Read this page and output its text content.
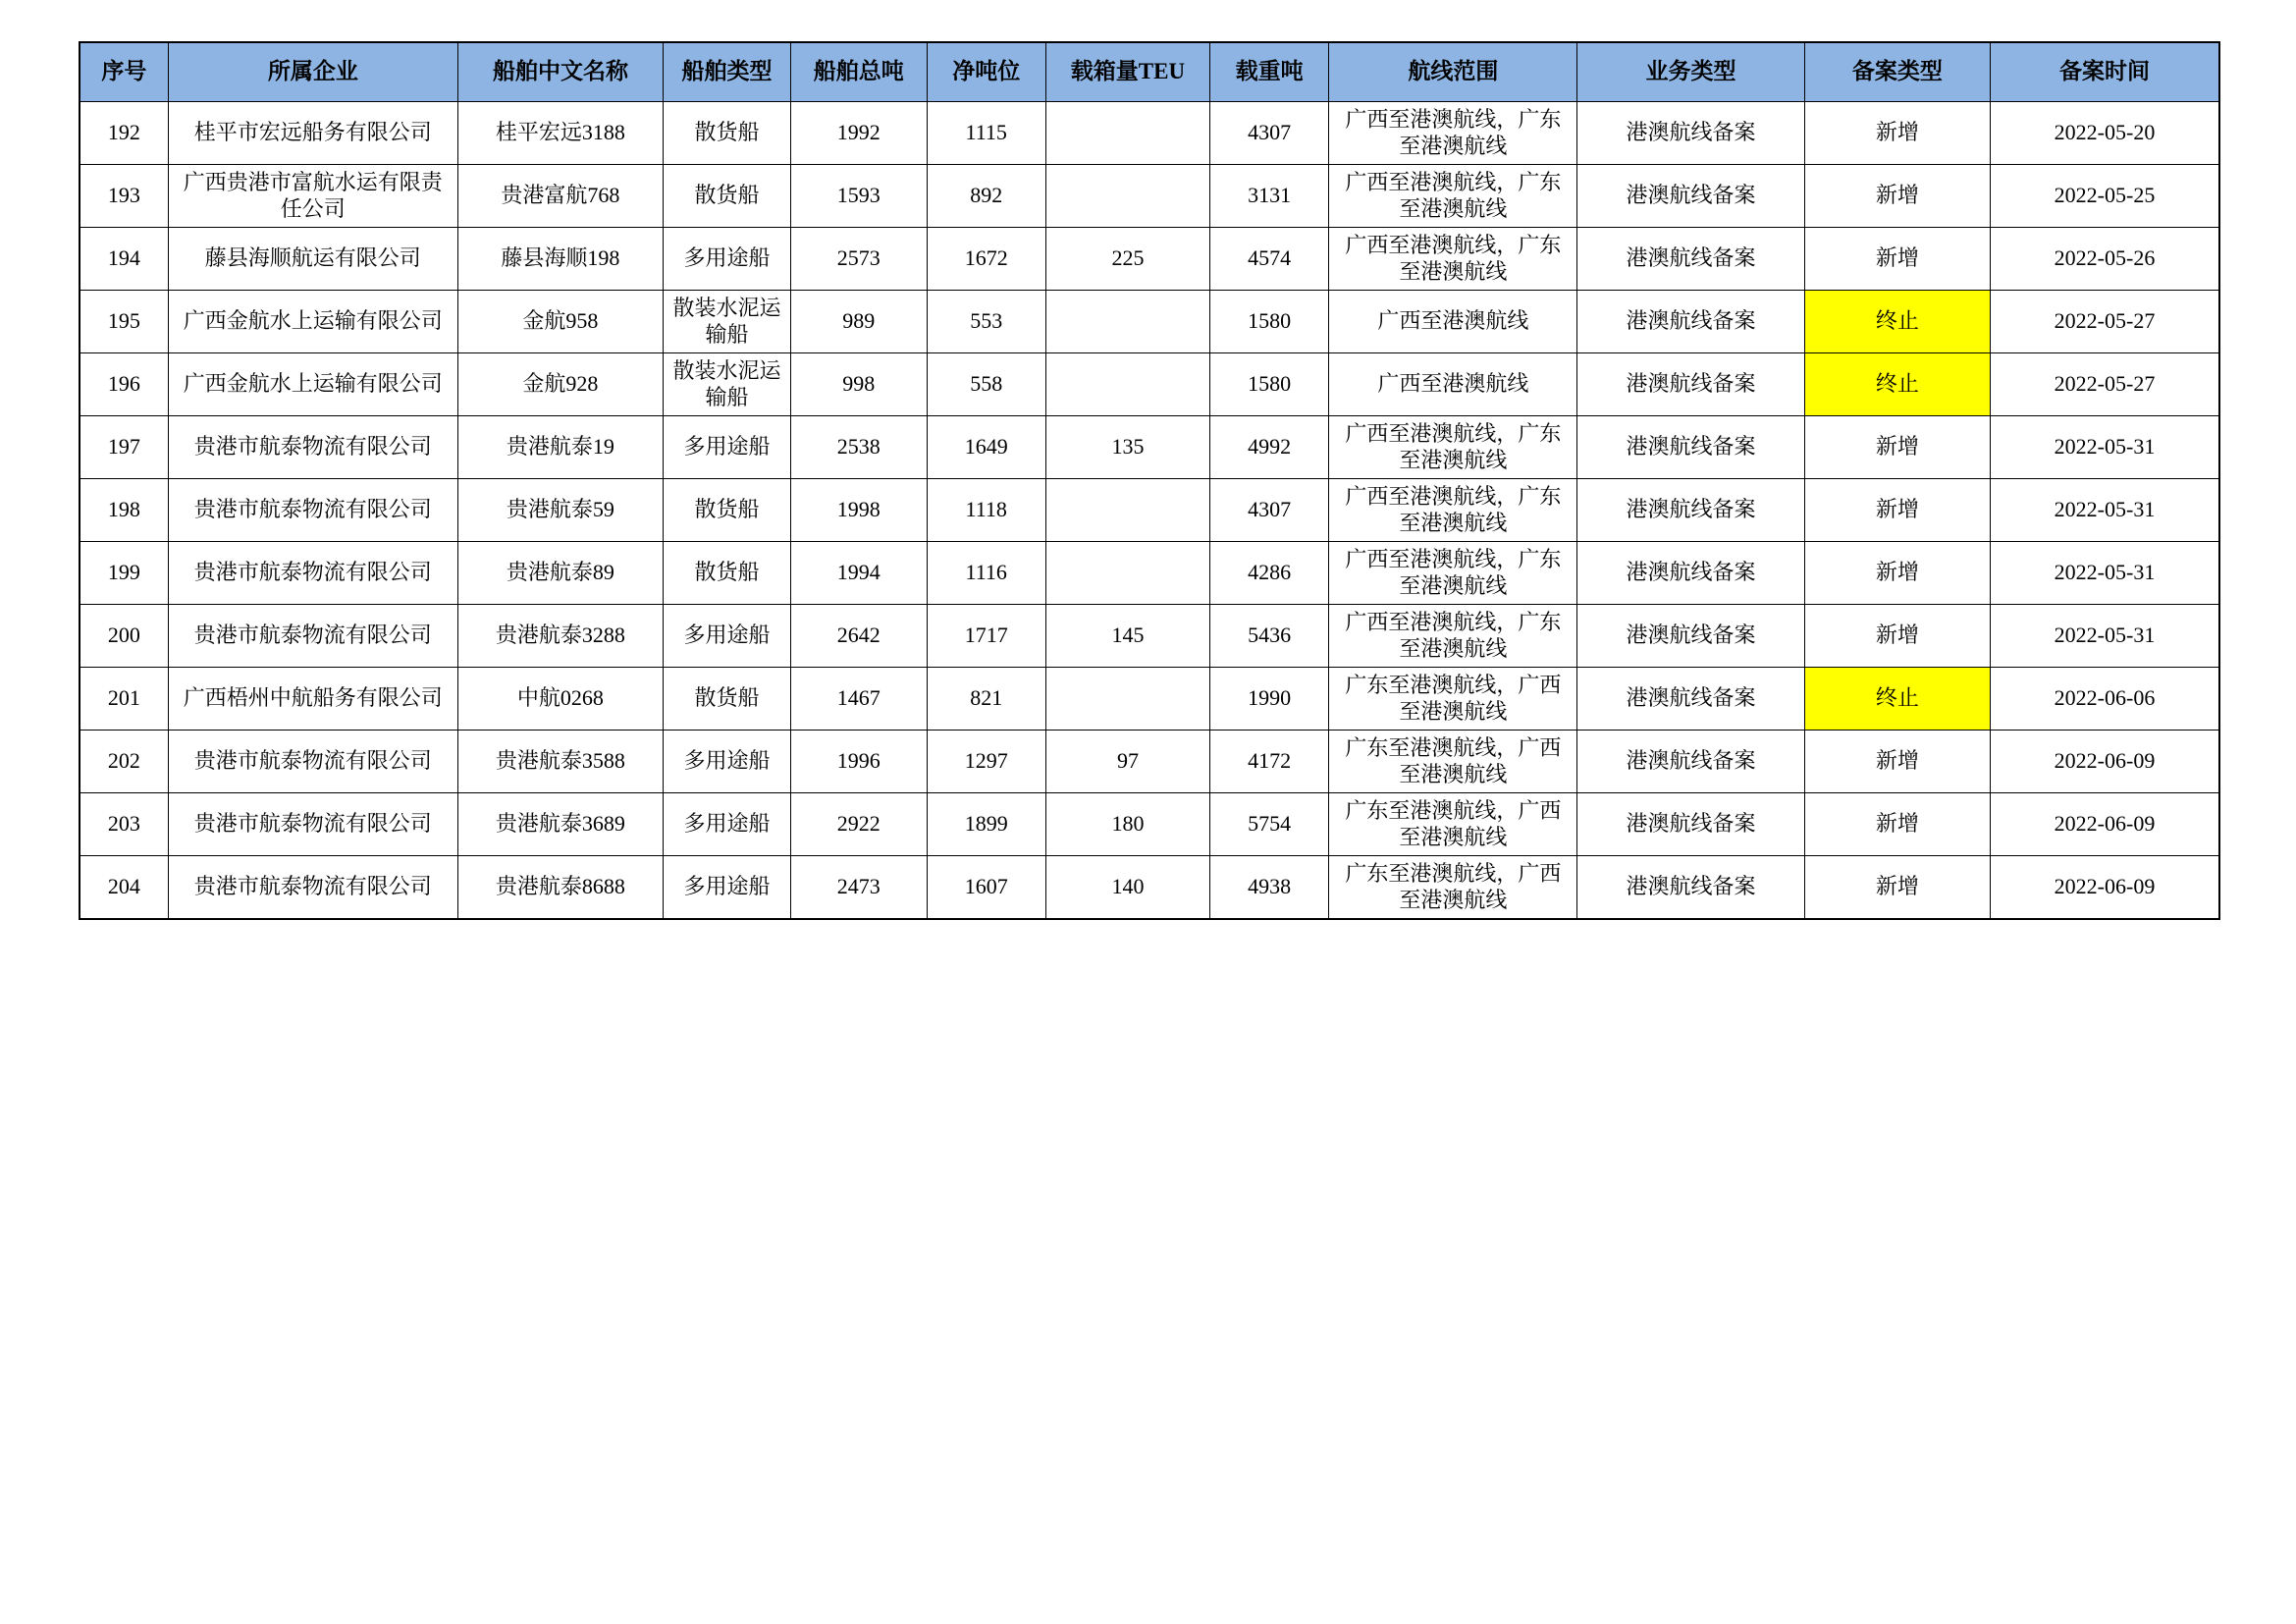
序号	所属企业	船舶中文名称	船舶类型	船舶总吨	净吨位	载箱量TEU	载重吨	航线范围	业务类型	备案类型	备案时间
192	桂平市宏远船务有限公司	桂平宏远3188	散货船	1992	1115		4307	广西至港澳航线，广东至港澳航线	港澳航线备案	新增	2022-05-20
193	广西贵港市富航水运有限责任公司	贵港富航768	散货船	1593	892		3131	广西至港澳航线，广东至港澳航线	港澳航线备案	新增	2022-05-25
194	藤县海顺航运有限公司	藤县海顺198	多用途船	2573	1672	225	4574	广西至港澳航线，广东至港澳航线	港澳航线备案	新增	2022-05-26
195	广西金航水上运输有限公司	金航958	散装水泥运输船	989	553		1580	广西至港澳航线	港澳航线备案	终止	2022-05-27
196	广西金航水上运输有限公司	金航928	散装水泥运输船	998	558		1580	广西至港澳航线	港澳航线备案	终止	2022-05-27
197	贵港市航泰物流有限公司	贵港航泰19	多用途船	2538	1649	135	4992	广西至港澳航线，广东至港澳航线	港澳航线备案	新增	2022-05-31
198	贵港市航泰物流有限公司	贵港航泰59	散货船	1998	1118		4307	广西至港澳航线，广东至港澳航线	港澳航线备案	新增	2022-05-31
199	贵港市航泰物流有限公司	贵港航泰89	散货船	1994	1116		4286	广西至港澳航线，广东至港澳航线	港澳航线备案	新增	2022-05-31
200	贵港市航泰物流有限公司	贵港航泰3288	多用途船	2642	1717	145	5436	广西至港澳航线，广东至港澳航线	港澳航线备案	新增	2022-05-31
201	广西梧州中航船务有限公司	中航0268	散货船	1467	821		1990	广东至港澳航线，广西至港澳航线	港澳航线备案	终止	2022-06-06
202	贵港市航泰物流有限公司	贵港航泰3588	多用途船	1996	1297	97	4172	广东至港澳航线，广西至港澳航线	港澳航线备案	新增	2022-06-09
203	贵港市航泰物流有限公司	贵港航泰3689	多用途船	2922	1899	180	5754	广东至港澳航线，广西至港澳航线	港澳航线备案	新增	2022-06-09
204	贵港市航泰物流有限公司	贵港航泰8688	多用途船	2473	1607	140	4938	广东至港澳航线，广西至港澳航线	港澳航线备案	新增	2022-06-09
